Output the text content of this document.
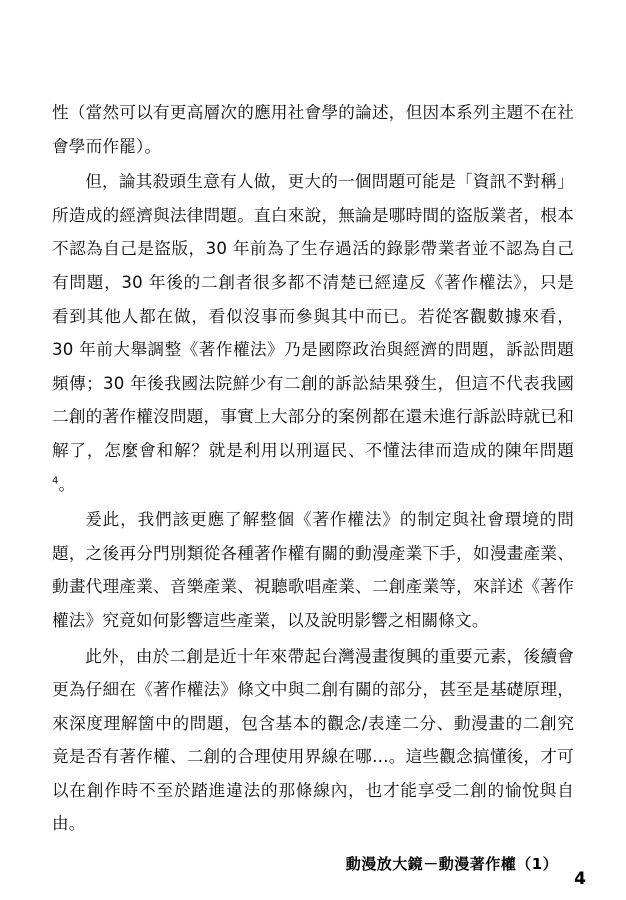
性（當然可以有更高層次的應用社會學的論述，但因本系列主題不在社會學而作罷）。

但，論其殺頭生意有人做，更大的一個問題可能是「資訊不對稱」所造成的經濟與法律問題。直白來說，無論是哪時間的盜版業者，根本不認為自己是盜版，30 年前為了生存過活的錄影帶業者並不認為自己有問題，30 年後的二創者很多都不清楚已經違反《著作權法》，只是看到其他人都在做，看似沒事而參與其中而已。若從客觀數據來看，30 年前大舉調整《著作權法》乃是國際政治與經濟的問題，訴訟問題頻傳；30 年後我國法院鮮少有二創的訴訟結果發生，但這不代表我國二創的著作權沒問題，事實上大部分的案例都在還未進行訴訟時就已和解了，怎麼會和解？就是利用以刑逼民、不懂法律而造成的陳年問題$^4$。

爰此，我們該更應了解整個《著作權法》的制定與社會環境的問題，之後再分門別類從各種著作權有關的動漫產業下手，如漫畫產業、動畫代理產業、音樂產業、視聽歌唱產業、二創產業等，來詳述《著作權法》究竟如何影響這些產業，以及說明影響之相關條文。

此外，由於二創是近十年來帶起台灣漫畫復興的重要元素，後續會更為仔細在《著作權法》條文中與二創有關的部分，甚至是基礎原理，來深度理解箇中的問題，包含基本的觀念/表達二分、動漫畫的二創究竟是否有著作權、二創的合理使用界線在哪…。這些觀念搞懂後，才可以在創作時不至於踏進違法的那條線內，也才能享受二創的愉悅與自由。

動漫放大鏡－動漫著作權（1）
4
